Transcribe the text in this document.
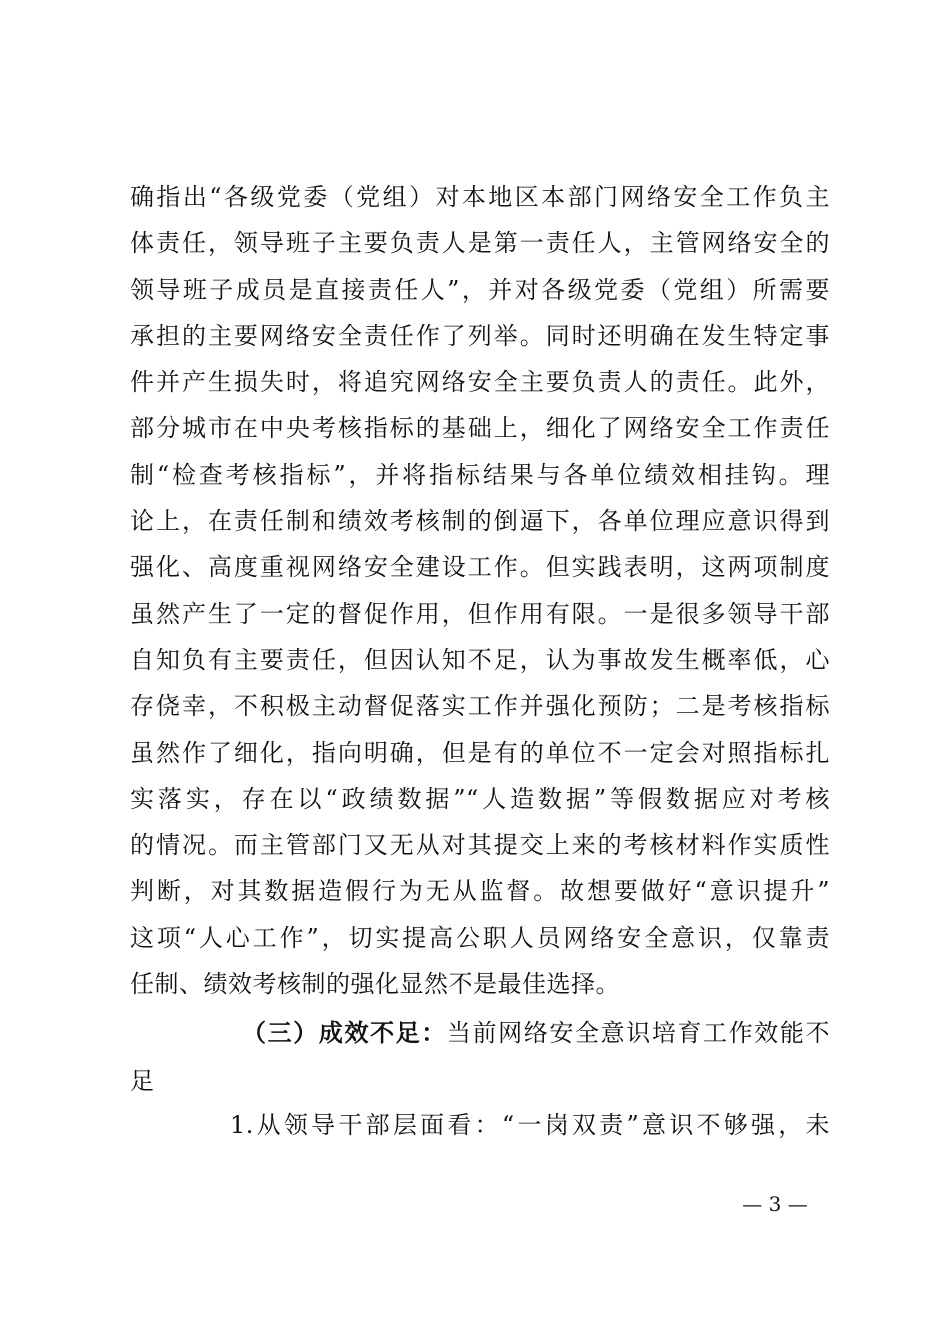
确指出“各级党委（党组）对本地区本部门网络安全工作负主
体责任，领导班子主要负责人是第一责任人，主管网络安全的
领导班子成员是直接责任人”，并对各级党委（党组）所需要
承担的主要网络安全责任作了列举。同时还明确在发生特定事
件并产生损失时，将追究网络安全主要负责人的责任。此外，
部分城市在中央考核指标的基础上，细化了网络安全工作责任
制“检查考核指标”，并将指标结果与各单位绩效相挂钩。理
论上，在责任制和绩效考核制的倒逼下，各单位理应意识得到
强化、高度重视网络安全建设工作。但实践表明，这两项制度
虽然产生了一定的督促作用，但作用有限。一是很多领导干部
自知负有主要责任，但因认知不足，认为事故发生概率低，心
存侥幸，不积极主动督促落实工作并强化预防；二是考核指标
虽然作了细化，指向明确，但是有的单位不一定会对照指标扎
实落实，存在以“政绩数据”“人造数据”等假数据应对考核
的情况。而主管部门又无从对其提交上来的考核材料作实质性
判断，对其数据造假行为无从监督。故想要做好“意识提升”
这项“人心工作”，切实提高公职人员网络安全意识，仅靠责
任制、绩效考核制的强化显然不是最佳选择。
（三）成效不足：当前网络安全意识培育工作效能不
足
1.从领导干部层面看：“一岗双责”意识不够强，未
— 3 —
